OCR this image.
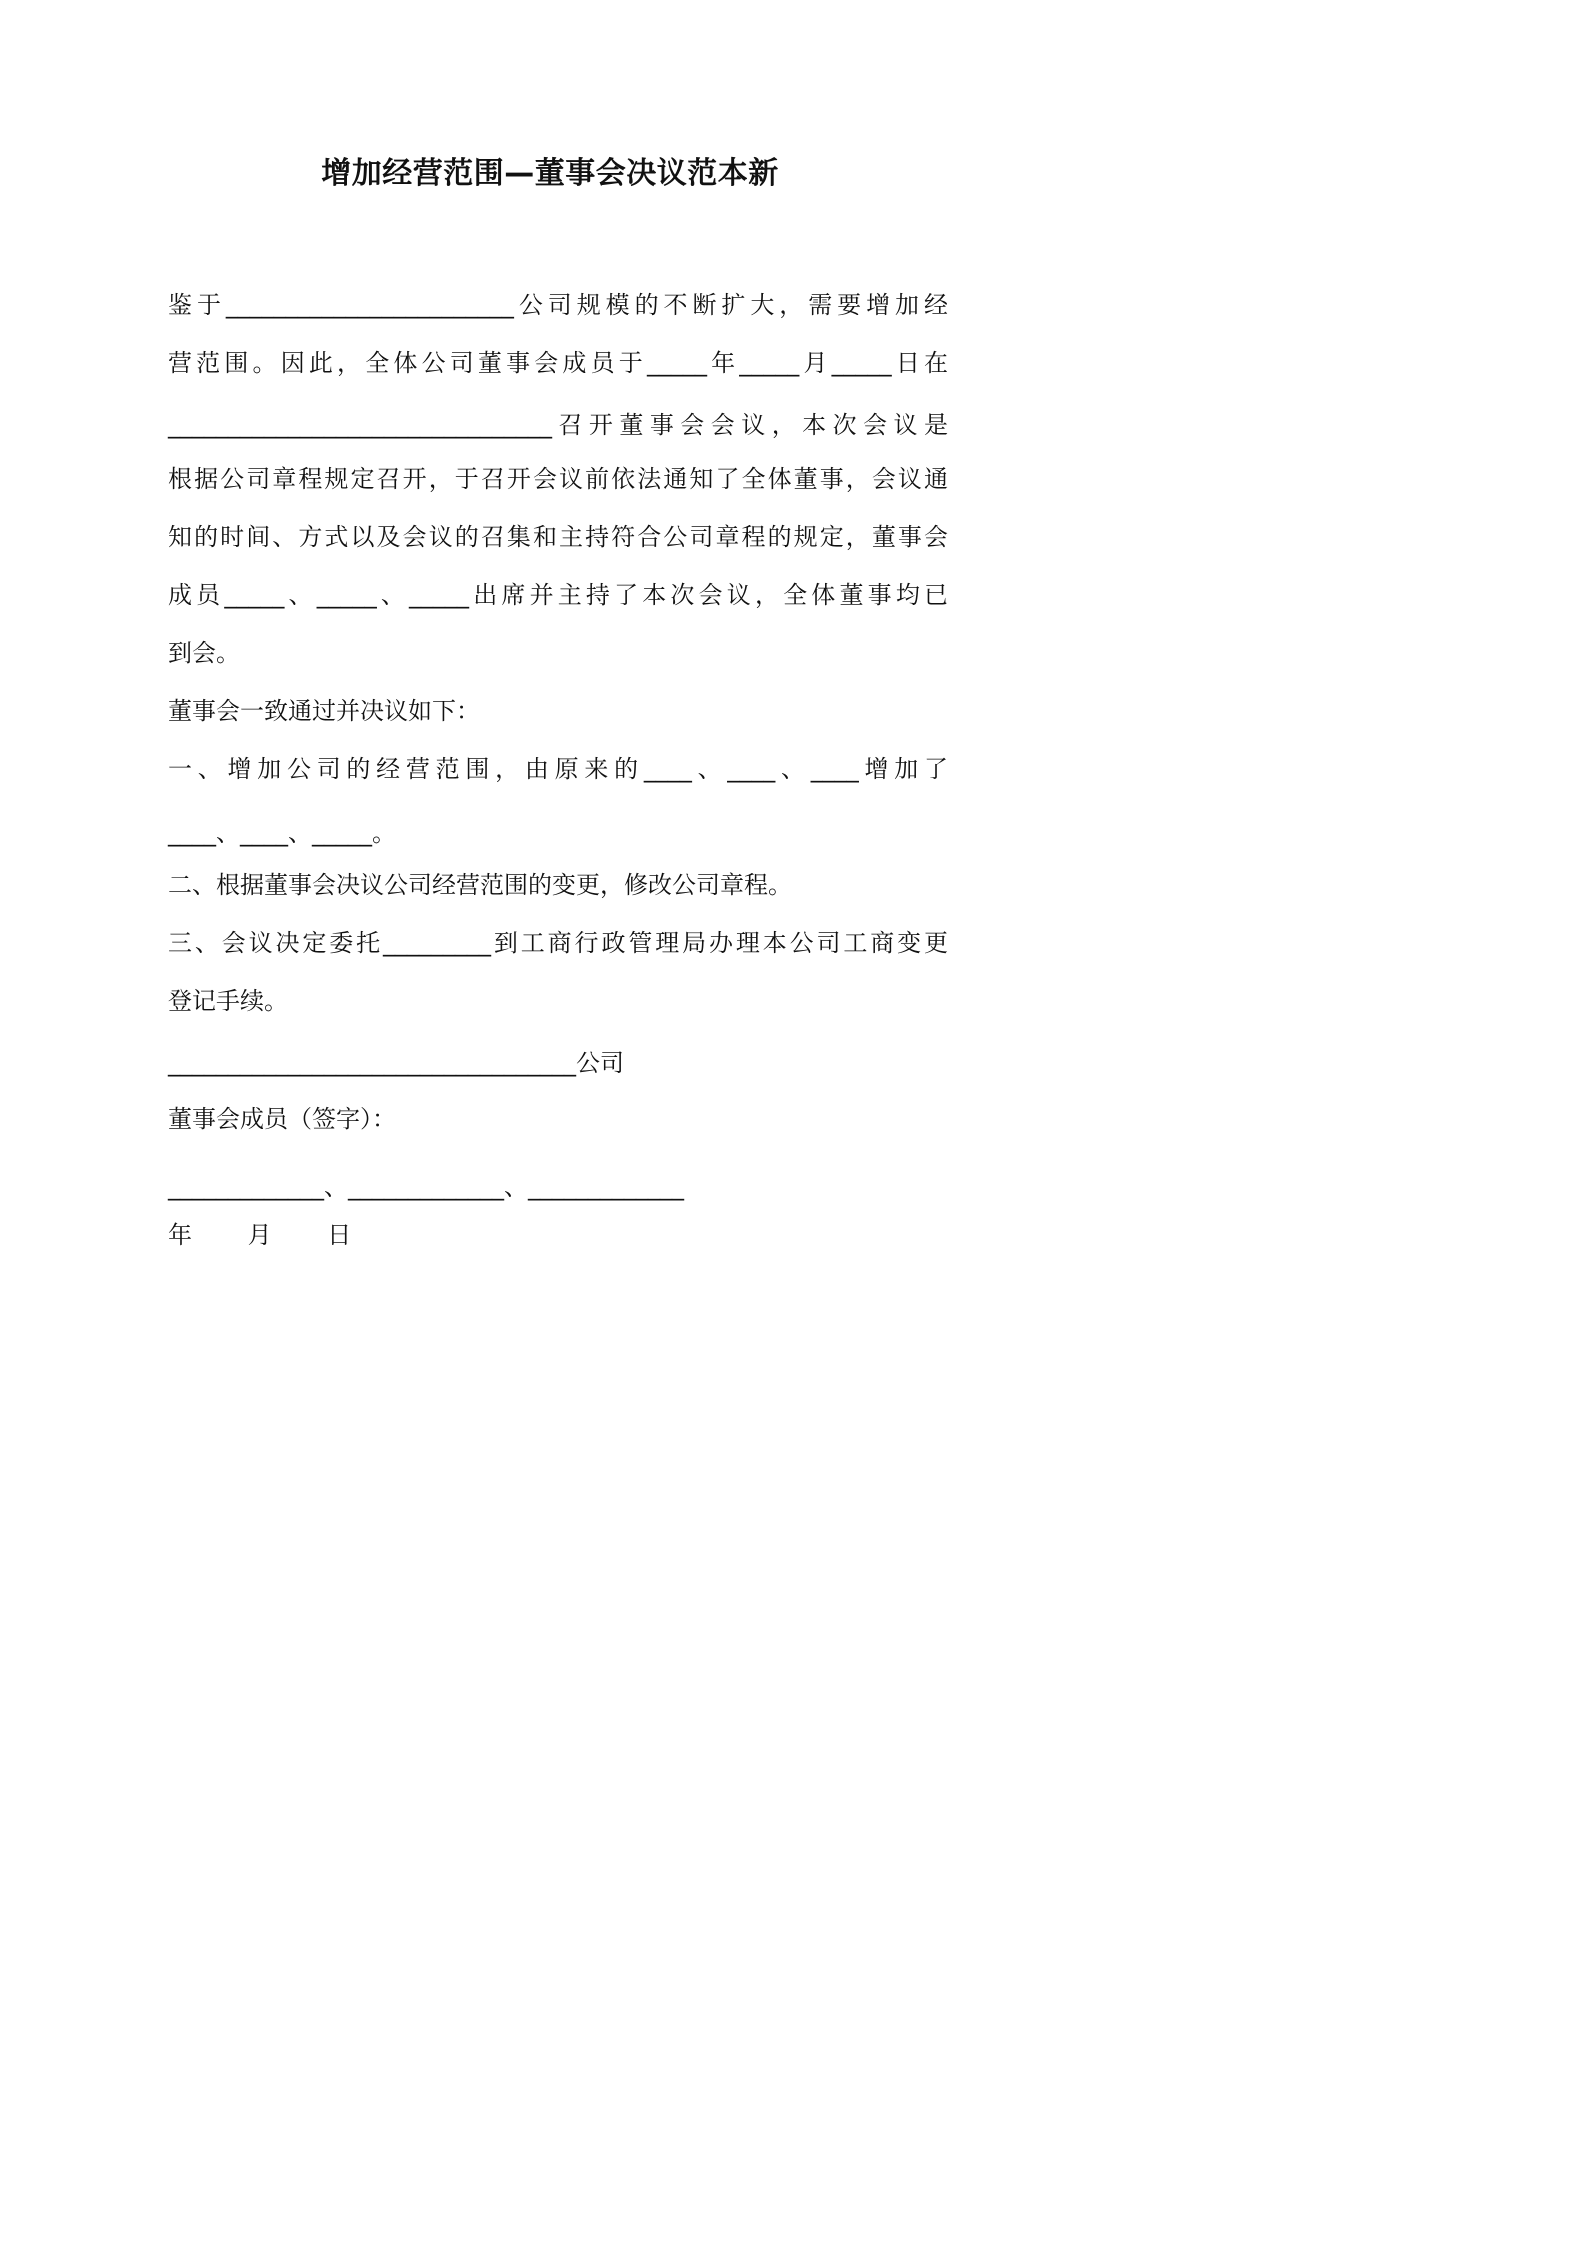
增加经营范围—董事会决议范本新
鉴于________________________公司规模的不断扩大，需要增加经
营范围。因此，全体公司董事会成员于_____年_____月_____日在
________________________________召开董事会会议，本次会议是
根据公司章程规定召开，于召开会议前依法通知了全体董事，会议通
知的时间、方式以及会议的召集和主持符合公司章程的规定，董事会
成员_____、_____、_____出席并主持了本次会议，全体董事均已
到会。
董事会一致通过并决议如下：
一、增加公司的经营范围，由原来的____、____、____增加了
____、____、_____。
二、根据董事会决议公司经营范围的变更，修改公司章程。
三、会议决定委托_________到工商行政管理局办理本公司工商变更
登记手续。
__________________________________公司
董事会成员（签字）：
_____________、_____________、_____________
年 月 日
